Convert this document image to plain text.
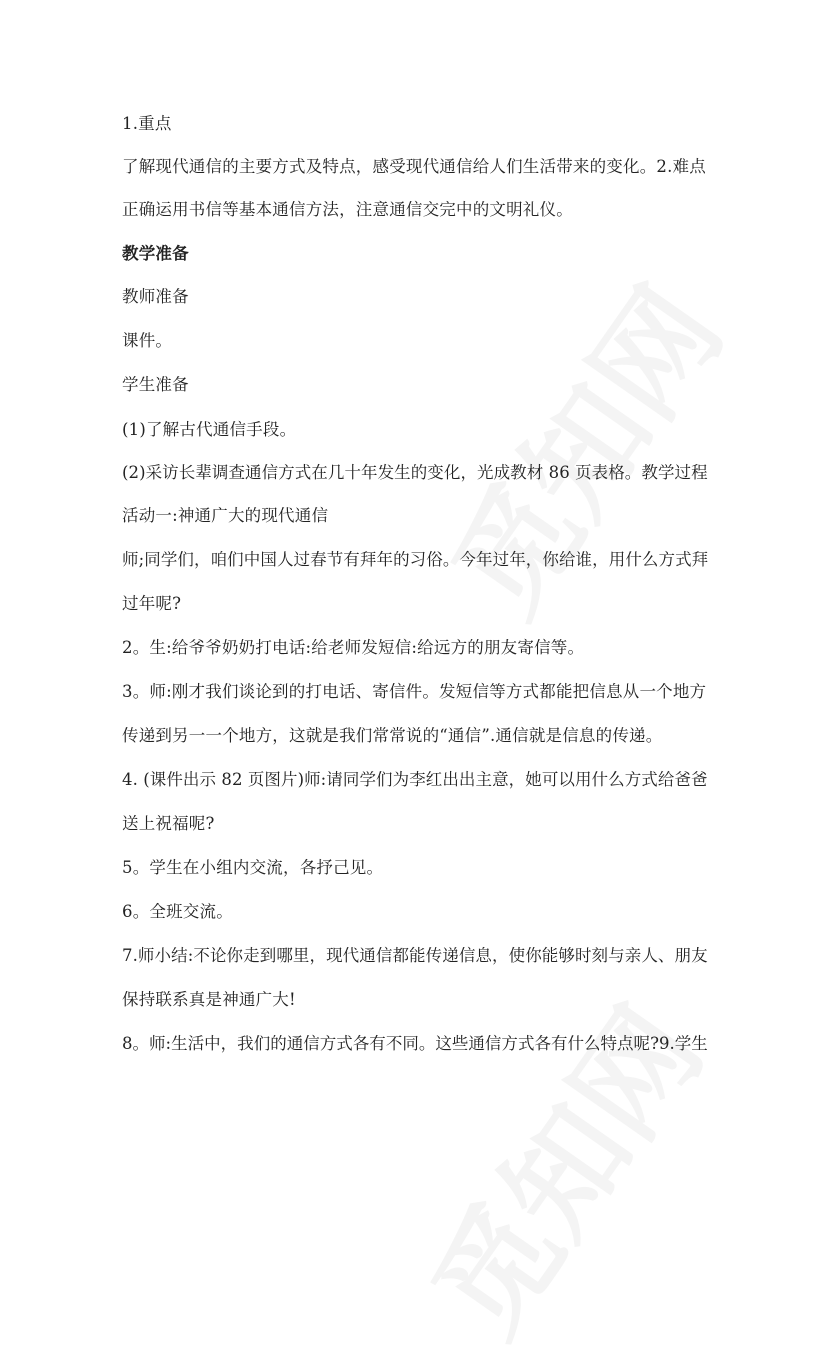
1.重点
了解现代通信的主要方式及特点，感受现代通信给人们生活带来的变化。2.难点
正确运用书信等基本通信方法，注意通信交完中的文明礼仪。
教学准备
教师准备
课件。
学生准备
(1)了解古代通信手段。
(2)采访长辈调查通信方式在几十年发生的变化，光成教材 86 页表格。教学过程
活动一:神通广大的现代通信
师;同学们，咱们中国人过春节有拜年的习俗。今年过年，你给谁，用什么方式拜
过年呢?
2。生:给爷爷奶奶打电话:给老师发短信:给远方的朋友寄信等。
3。师:刚才我们谈论到的打电话、寄信件。发短信等方式都能把信息从一个地方
传递到另一一个地方，这就是我们常常说的“通信”.通信就是信息的传递。
4. (课件出示 82 页图片)师:请同学们为李红出出主意，她可以用什么方式给爸爸
送上祝福呢?
5。学生在小组内交流，各抒己见。
6。全班交流。
7.师小结:不论你走到哪里，现代通信都能传递信息，使你能够时刻与亲人、朋友
保持联系真是神通广大!
8。师:生活中，我们的通信方式各有不同。这些通信方式各有什么特点呢?9.学生
